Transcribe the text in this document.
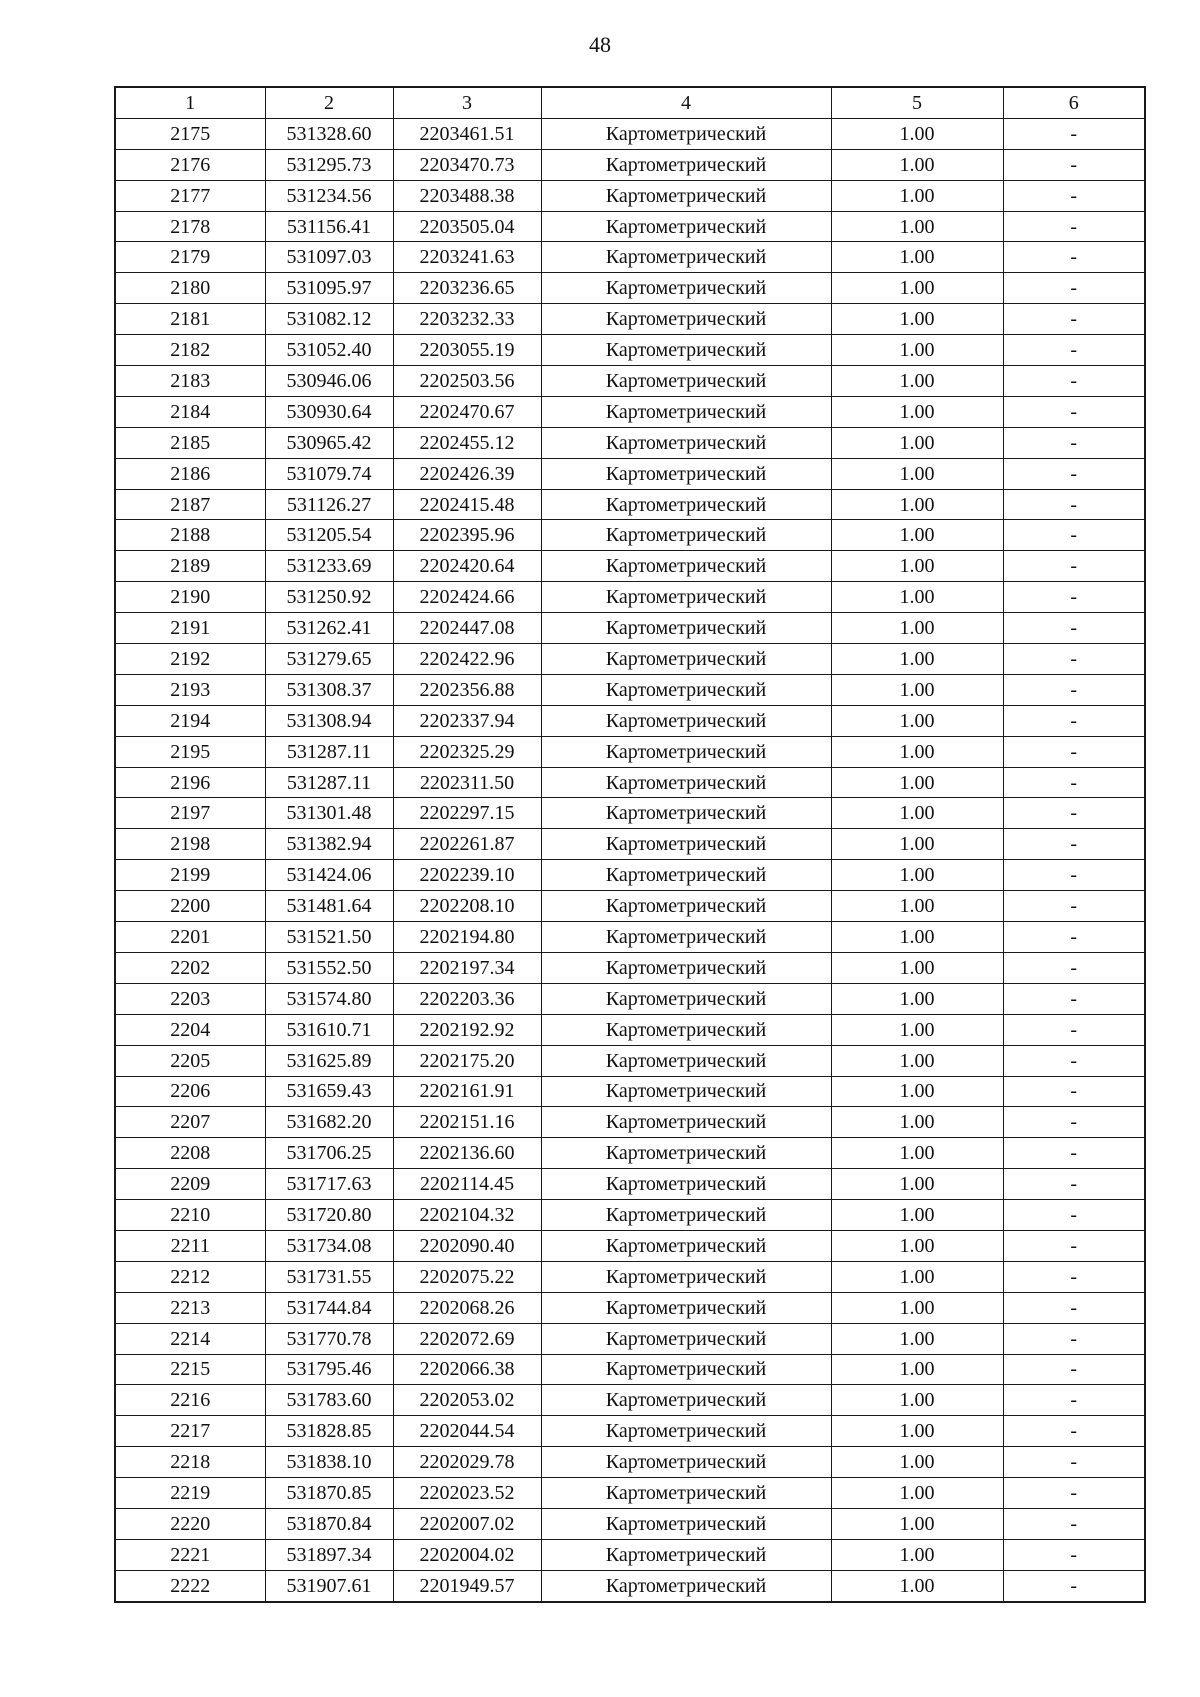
48
1	2	3	4	5	6
2175	531328.60	2203461.51	Картометрический	1.00	-
2176	531295.73	2203470.73	Картометрический	1.00	-
2177	531234.56	2203488.38	Картометрический	1.00	-
2178	531156.41	2203505.04	Картометрический	1.00	-
2179	531097.03	2203241.63	Картометрический	1.00	-
2180	531095.97	2203236.65	Картометрический	1.00	-
2181	531082.12	2203232.33	Картометрический	1.00	-
2182	531052.40	2203055.19	Картометрический	1.00	-
2183	530946.06	2202503.56	Картометрический	1.00	-
2184	530930.64	2202470.67	Картометрический	1.00	-
2185	530965.42	2202455.12	Картометрический	1.00	-
2186	531079.74	2202426.39	Картометрический	1.00	-
2187	531126.27	2202415.48	Картометрический	1.00	-
2188	531205.54	2202395.96	Картометрический	1.00	-
2189	531233.69	2202420.64	Картометрический	1.00	-
2190	531250.92	2202424.66	Картометрический	1.00	-
2191	531262.41	2202447.08	Картометрический	1.00	-
2192	531279.65	2202422.96	Картометрический	1.00	-
2193	531308.37	2202356.88	Картометрический	1.00	-
2194	531308.94	2202337.94	Картометрический	1.00	-
2195	531287.11	2202325.29	Картометрический	1.00	-
2196	531287.11	2202311.50	Картометрический	1.00	-
2197	531301.48	2202297.15	Картометрический	1.00	-
2198	531382.94	2202261.87	Картометрический	1.00	-
2199	531424.06	2202239.10	Картометрический	1.00	-
2200	531481.64	2202208.10	Картометрический	1.00	-
2201	531521.50	2202194.80	Картометрический	1.00	-
2202	531552.50	2202197.34	Картометрический	1.00	-
2203	531574.80	2202203.36	Картометрический	1.00	-
2204	531610.71	2202192.92	Картометрический	1.00	-
2205	531625.89	2202175.20	Картометрический	1.00	-
2206	531659.43	2202161.91	Картометрический	1.00	-
2207	531682.20	2202151.16	Картометрический	1.00	-
2208	531706.25	2202136.60	Картометрический	1.00	-
2209	531717.63	2202114.45	Картометрический	1.00	-
2210	531720.80	2202104.32	Картометрический	1.00	-
2211	531734.08	2202090.40	Картометрический	1.00	-
2212	531731.55	2202075.22	Картометрический	1.00	-
2213	531744.84	2202068.26	Картометрический	1.00	-
2214	531770.78	2202072.69	Картометрический	1.00	-
2215	531795.46	2202066.38	Картометрический	1.00	-
2216	531783.60	2202053.02	Картометрический	1.00	-
2217	531828.85	2202044.54	Картометрический	1.00	-
2218	531838.10	2202029.78	Картометрический	1.00	-
2219	531870.85	2202023.52	Картометрический	1.00	-
2220	531870.84	2202007.02	Картометрический	1.00	-
2221	531897.34	2202004.02	Картометрический	1.00	-
2222	531907.61	2201949.57	Картометрический	1.00	-
